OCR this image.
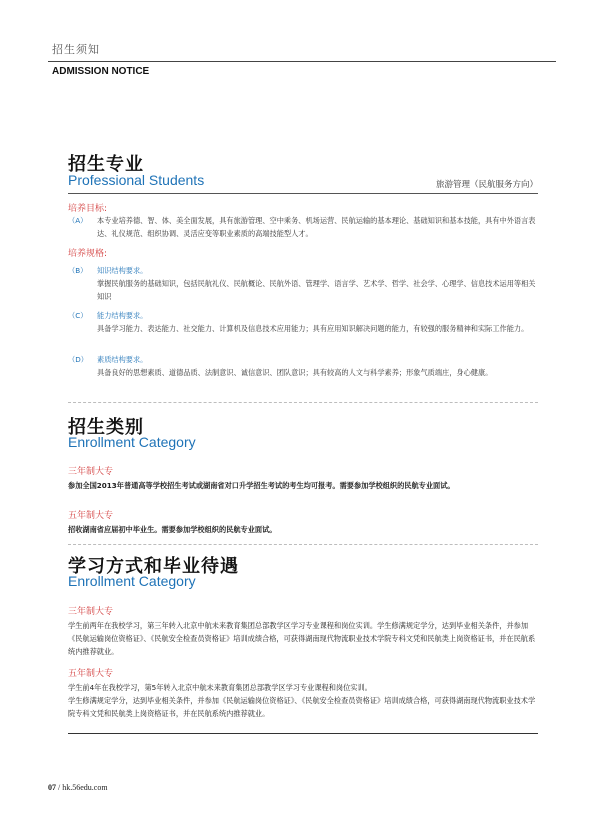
招生须知
ADMISSION NOTICE
招生专业
Professional Students	旅游管理（民航服务方向）
培养目标:
（A） 本专业培养德、智、体、美全面发展，具有旅游管理、空中乘务、机场运营、民航运输的基本理论、基础知识和基本技能，具有中外语言表达、礼仪规范、组织协调、灵活应变等职业素质的高端技能型人才。
培养规格:
（B） 知识结构要求。
掌握民航服务的基础知识，包括民航礼仪、民航概论、民航外语、管理学、语言学、艺术学、哲学、社会学、心理学、信息技术运用等相关知识
（C） 能力结构要求。
具备学习能力、表达能力、社交能力、计算机及信息技术应用能力；具有应用知识解决问题的能力，有较强的服务精神和实际工作能力。
（D） 素质结构要求。
具备良好的思想素质、道德品质、法制意识、诚信意识、团队意识；具有较高的人文与科学素养；形象气质端庄，身心健康。
招生类别
Enrollment Category
三年制大专
参加全国2013年普通高等学校招生考试或湖南省对口升学招生考试的考生均可报考。需要参加学校组织的民航专业面试。
五年制大专
招收湖南省应届初中毕业生。需要参加学校组织的民航专业面试。
学习方式和毕业待遇
Enrollment Category
三年制大专
学生前两年在我校学习，第三年转入北京中航未来教育集团总部教学区学习专业课程和岗位实训。学生修满规定学分，达到毕业相关条件，并参加《民航运输岗位资格证》、《民航安全检查员资格证》培训成绩合格，可获得湖南现代物流职业技术学院专科文凭和民航类上岗资格证书，并在民航系统内推荐就业。
五年制大专
学生前4年在我校学习，第5年转入北京中航未来教育集团总部教学区学习专业课程和岗位实训。
学生修满规定学分，达到毕业相关条件，并参加《民航运输岗位资格证》、《民航安全检查员资格证》培训成绩合格，可获得湖南现代物流职业技术学院专科文凭和民航类上岗资格证书，并在民航系统内推荐就业。
07 / hk.56edu.com
